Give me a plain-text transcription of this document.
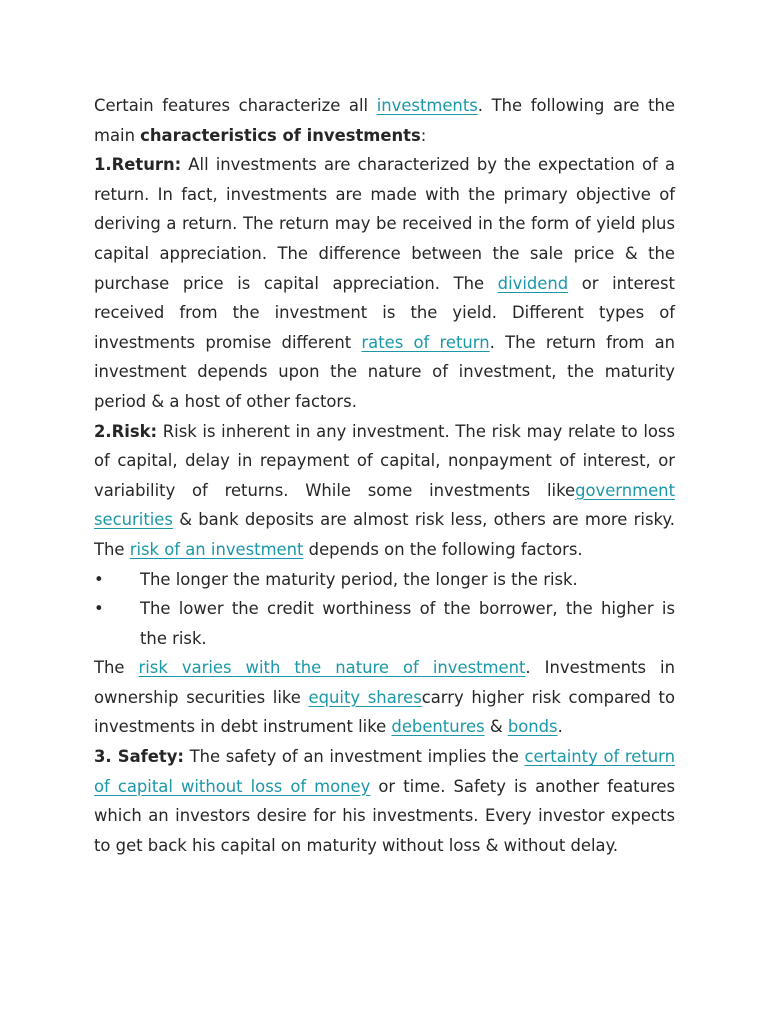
Certain features characterize all investments. The following are the main characteristics of investments:

1.Return: All investments are characterized by the expectation of a return. In fact, investments are made with the primary objective of deriving a return. The return may be received in the form of yield plus capital appreciation. The difference between the sale price & the purchase price is capital appreciation. The dividend or interest received from the investment is the yield. Different types of investments promise different rates of return. The return from an investment depends upon the nature of investment, the maturity period & a host of other factors.

2.Risk: Risk is inherent in any investment. The risk may relate to loss of capital, delay in repayment of capital, nonpayment of interest, or variability of returns. While some investments likegovernment securities & bank deposits are almost risk less, others are more risky. The risk of an investment depends on the following factors.

• The longer the maturity period, the longer is the risk.
• The lower the credit worthiness of the borrower, the higher is the risk.

The risk varies with the nature of investment. Investments in ownership securities like equity sharescarry higher risk compared to investments in debt instrument like debentures & bonds.

3. Safety: The safety of an investment implies the certainty of return of capital without loss of money or time. Safety is another features which an investors desire for his investments. Every investor expects to get back his capital on maturity without loss & without delay.
